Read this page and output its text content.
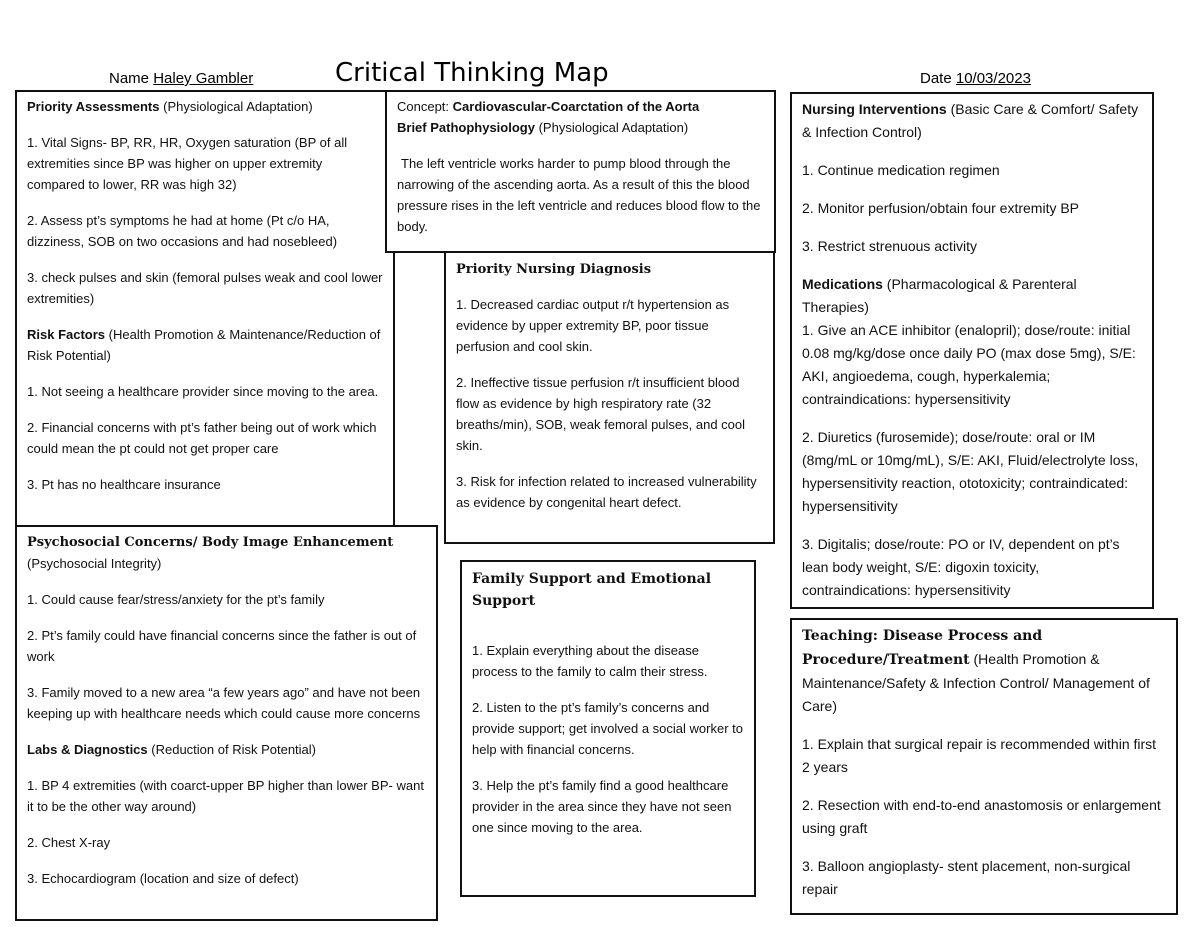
Name Haley Gambler	Critical Thinking Map	Date 10/03/2023

Priority Assessments (Physiological Adaptation)

1. Vital Signs- BP, RR, HR, Oxygen saturation (BP of all extremities since BP was higher on upper extremity compared to lower, RR was high 32)

2. Assess pt’s symptoms he had at home (Pt c/o HA, dizziness, SOB on two occasions and had nosebleed)

3. check pulses and skin (femoral pulses weak and cool lower extremities)

Risk Factors (Health Promotion & Maintenance/Reduction of Risk Potential)

1. Not seeing a healthcare provider since moving to the area.

2. Financial concerns with pt’s father being out of work which could mean the pt could not get proper care

3. Pt has no healthcare insurance

Priority Nursing Diagnosis

1. Decreased cardiac output r/t hypertension as evidence by upper extremity BP, poor tissue perfusion and cool skin.

2. Ineffective tissue perfusion r/t insufficient blood flow as evidence by high respiratory rate (32 breaths/min), SOB, weak femoral pulses, and cool skin.

3. Risk for infection related to increased vulnerability as evidence by congenital heart defect.

Concept: Cardiovascular-Coarctation of the Aorta

Brief Pathophysiology (Physiological Adaptation)

The left ventricle works harder to pump blood through the narrowing of the ascending aorta. As a result of this the blood pressure rises in the left ventricle and reduces blood flow to the body.

Psychosocial Concerns/ Body Image Enhancement

(Psychosocial Integrity)

1. Could cause fear/stress/anxiety for the pt’s family

2. Pt’s family could have financial concerns since the father is out of work

3. Family moved to a new area “a few years ago” and have not been keeping up with healthcare needs which could cause more concerns

Labs & Diagnostics (Reduction of Risk Potential)

1. BP 4 extremities (with coarct-upper BP higher than lower BP- want it to be the other way around)

2. Chest X-ray

3. Echocardiogram (location and size of defect)

Family Support and Emotional Support

1. Explain everything about the disease process to the family to calm their stress.

2. Listen to the pt’s family’s concerns and provide support; get involved a social worker to help with financial concerns.

3. Help the pt’s family find a good healthcare provider in the area since they have not seen one since moving to the area.

Nursing Interventions (Basic Care & Comfort/ Safety & Infection Control)

1. Continue medication regimen

2. Monitor perfusion/obtain four extremity BP

3. Restrict strenuous activity

Medications (Pharmacological & Parenteral Therapies)

1. Give an ACE inhibitor (enalopril); dose/route: initial 0.08 mg/kg/dose once daily PO (max dose 5mg), S/E: AKI, angioedema, cough, hyperkalemia; contraindications: hypersensitivity

2. Diuretics (furosemide); dose/route: oral or IM (8mg/mL or 10mg/mL), S/E: AKI, Fluid/electrolyte loss, hypersensitivity reaction, ototoxicity; contraindicated: hypersensitivity

3. Digitalis; dose/route: PO or IV, dependent on pt’s lean body weight, S/E: digoxin toxicity, contraindications: hypersensitivity

Teaching: Disease Process and Procedure/Treatment (Health Promotion & Maintenance/Safety & Infection Control/ Management of Care)

1. Explain that surgical repair is recommended within first 2 years

2. Resection with end-to-end anastomosis or enlargement using graft

3. Balloon angioplasty- stent placement, non-surgical repair
